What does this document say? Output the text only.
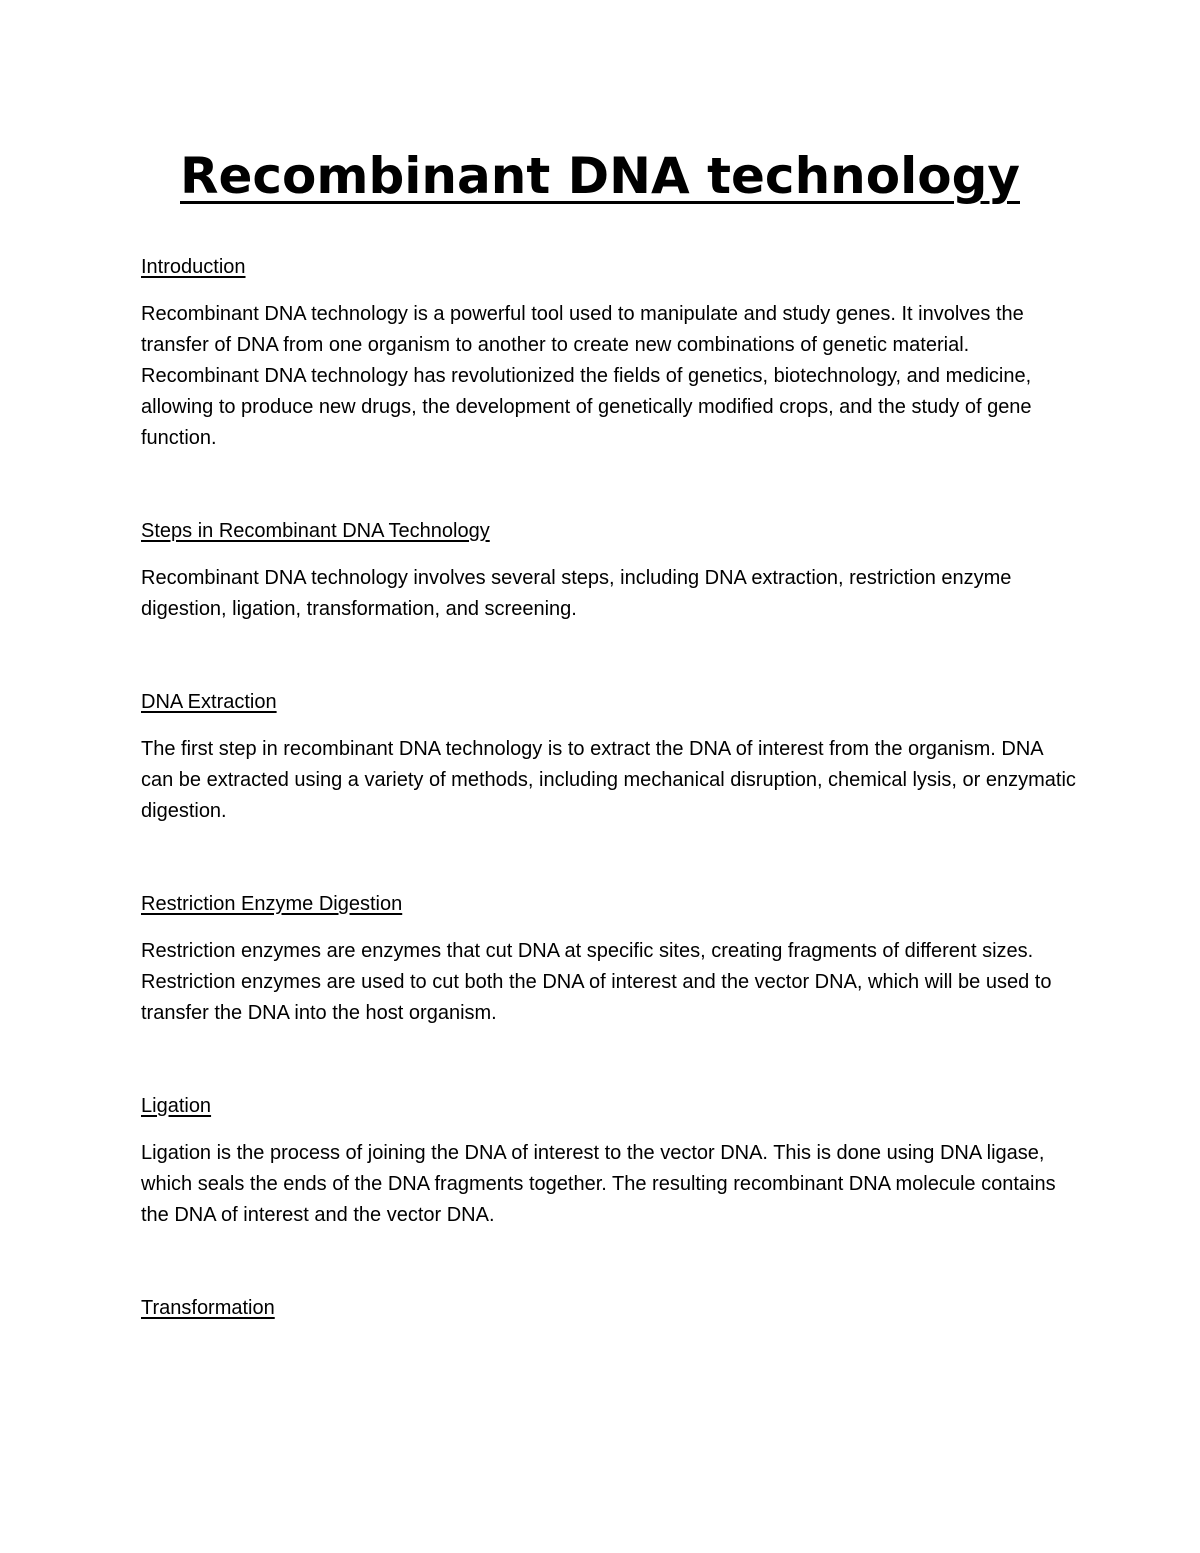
Recombinant DNA technology
Introduction

Recombinant DNA technology is a powerful tool used to manipulate and study genes. It involves the transfer of DNA from one organism to another to create new combinations of genetic material. Recombinant DNA technology has revolutionized the fields of genetics, biotechnology, and medicine, allowing to produce new drugs, the development of genetically modified crops, and the study of gene function.

Steps in Recombinant DNA Technology

Recombinant DNA technology involves several steps, including DNA extraction, restriction enzyme digestion, ligation, transformation, and screening.

DNA Extraction

The first step in recombinant DNA technology is to extract the DNA of interest from the organism. DNA can be extracted using a variety of methods, including mechanical disruption, chemical lysis, or enzymatic digestion.

Restriction Enzyme Digestion

Restriction enzymes are enzymes that cut DNA at specific sites, creating fragments of different sizes. Restriction enzymes are used to cut both the DNA of interest and the vector DNA, which will be used to transfer the DNA into the host organism.

Ligation

Ligation is the process of joining the DNA of interest to the vector DNA. This is done using DNA ligase, which seals the ends of the DNA fragments together. The resulting recombinant DNA molecule contains the DNA of interest and the vector DNA.

Transformation
